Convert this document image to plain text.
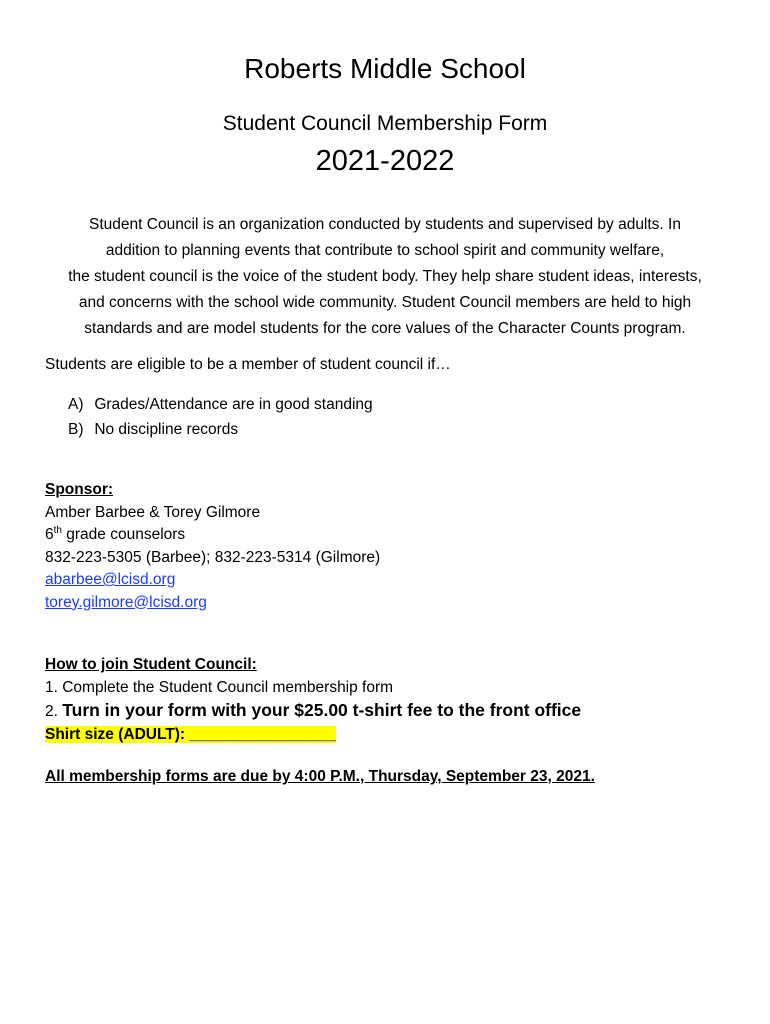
Roberts Middle School
Student Council Membership Form
2021-2022
Student Council is an organization conducted by students and supervised by adults. In
addition to planning events that contribute to school spirit and community welfare,
the student council is the voice of the student body. They help share student ideas, interests,
and concerns with the school wide community. Student Council members are held to high
standards and are model students for the core values of the Character Counts program.
Students are eligible to be a member of student council if…
A) Grades/Attendance are in good standing
B) No discipline records
Sponsor:
Amber Barbee & Torey Gilmore
6th grade counselors
832-223-5305 (Barbee); 832-223-5314 (Gilmore)
abarbee@lcisd.org
torey.gilmore@lcisd.org
How to join Student Council:
1. Complete the Student Council membership form
2. Turn in your form with your $25.00 t-shirt fee to the front office
Shirt size (ADULT): _________________
All membership forms are due by 4:00 P.M., Thursday, September 23, 2021.
